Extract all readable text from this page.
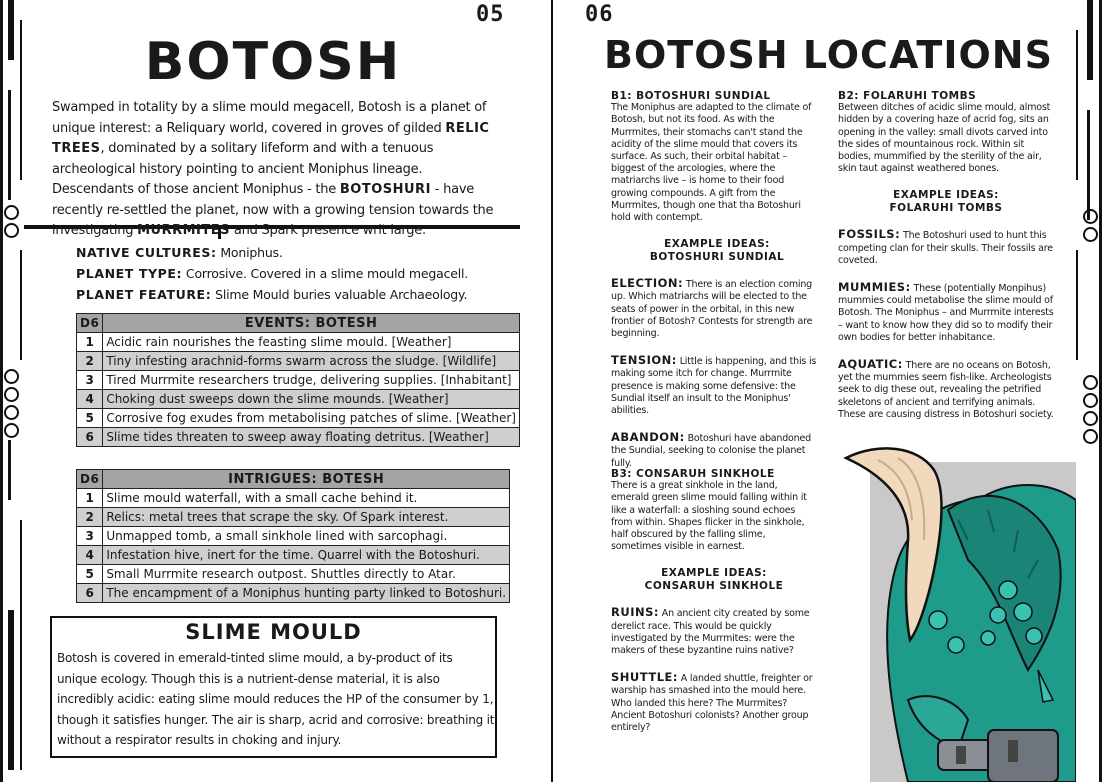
05
BOTOSH
Swamped in totality by a slime mould megacell, Botosh is a planet of unique interest: a Reliquary world, covered in groves of gilded RELIC TREES, dominated by a solitary lifeform and with a tenuous archeological history pointing to ancient Moniphus lineage. Descendants of those ancient Moniphus - the BOTOSHURI - have recently re-settled the planet, now with a growing tension towards the investigating MURRMITES and Spark presence writ large.

NATIVE CULTURES: Moniphus.

PLANET TYPE: Corrosive. Covered in a slime mould megacell.

PLANET FEATURE: Slime Mould buries valuable Archaeology.

D6	EVENTS: BOTESH
1	Acidic rain nourishes the feasting slime mould. [Weather]
2	Tiny infesting arachnid-forms swarm across the sludge. [Wildlife]
3	Tired Murrmite researchers trudge, delivering supplies. [Inhabitant]
4	Choking dust sweeps down the slime mounds. [Weather]
5	Corrosive fog exudes from metabolising patches of slime. [Weather]
6	Slime tides threaten to sweep away floating detritus. [Weather]
D6	INTRIGUES: BOTESH
1	Slime mould waterfall, with a small cache behind it.
2	Relics: metal trees that scrape the sky. Of Spark interest.
3	Unmapped tomb, a small sinkhole lined with sarcophagi.
4	Infestation hive, inert for the time. Quarrel with the Botoshuri.
5	Small Murrmite research outpost. Shuttles directly to Atar.
6	The encampment of a Moniphus hunting party linked to Botoshuri.
SLIME MOULD

Botosh is covered in emerald-tinted slime mould, a by-product of its unique ecology. Though this is a nutrient-dense material, it is also incredibly acidic: eating slime mould reduces the HP of the consumer by 1, though it satisfies hunger. The air is sharp, acrid and corrosive: breathing it without a respirator results in choking and injury.

06
BOTOSH LOCATIONS
B1: BOTOSHURI SUNDIAL

The Moniphus are adapted to the climate of Botosh, but not its food. As with the Murrmites, their stomachs can't stand the acidity of the slime mould that covers its surface. As such, their orbital habitat – biggest of the arcologies, where the matriarchs live – is home to their food growing compounds. A gift from the Murrmites, though one that tha Botoshuri hold with contempt.

EXAMPLE IDEAS:
BOTOSHURI SUNDIAL

ELECTION: There is an election coming up. Which matriarchs will be elected to the seats of power in the orbital, in this new frontier of Botosh? Contests for strength are beginning.

TENSION: Little is happening, and this is making some itch for change. Murrmite presence is making some defensive: the Sundial itself an insult to the Moniphus' abilities.

ABANDON: Botoshuri have abandoned the Sundial, seeking to colonise the planet fully.

B3: CONSARUH SINKHOLE

There is a great sinkhole in the land, emerald green slime mould falling within it like a waterfall: a sloshing sound echoes from within. Shapes flicker in the sinkhole, half obscured by the falling slime, sometimes visible in earnest.

EXAMPLE IDEAS:
CONSARUH SINKHOLE

RUINS: An ancient city created by some derelict race. This would be quickly investigated by the Murrmites: were the makers of these byzantine ruins native?

SHUTTLE: A landed shuttle, freighter or warship has smashed into the mould here. Who landed this here? The Murrmites? Ancient Botoshuri colonists? Another group entirely?

B2: FOLARUHI TOMBS

Between ditches of acidic slime mould, almost hidden by a covering haze of acrid fog, sits an opening in the valley: small divots carved into the sides of mountainous rock. Within sit bodies, mummified by the sterility of the air, skin taut against weathered bones.

EXAMPLE IDEAS:
FOLARUHI TOMBS

FOSSILS: The Botoshuri used to hunt this competing clan for their skulls. Their fossils are coveted.

MUMMIES: These (potentially Monpihus) mummies could metabolise the slime mould of Botosh. The Moniphus – and Murrmite interests – want to know how they did so to modify their own bodies for better inhabitance.

AQUATIC: There are no oceans on Botosh, yet the mummies seem fish-like. Archeologists seek to dig these out, revealing the petrified skeletons of ancient and terrifying animals. These are causing distress in Botoshuri society.
